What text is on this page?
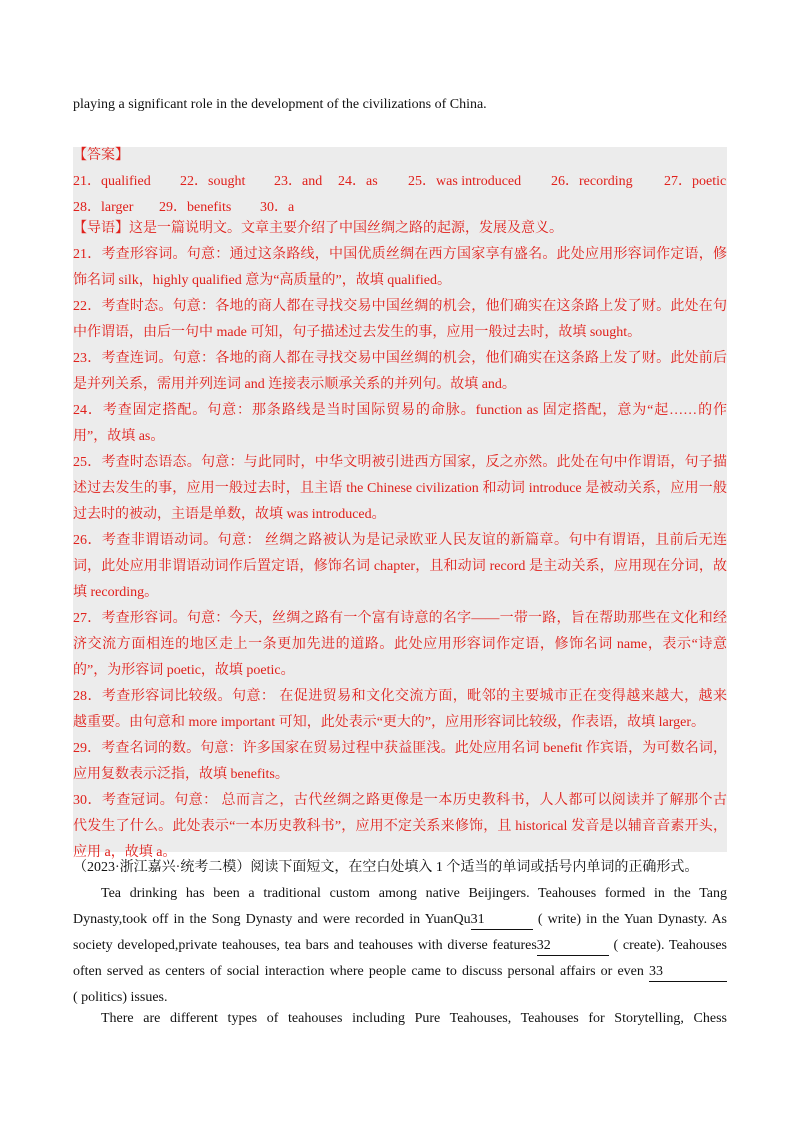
playing a significant role in the development of the civilizations of China.

【答案】

21．qualified 22．sought 23．and 24．as 25．was introduced 26．recording 27．poetic
28．larger 29．benefits 30．a

【导语】这是一篇说明文。文章主要介绍了中国丝绸之路的起源，发展及意义。

21．考查形容词。句意：通过这条路线，中国优质丝绸在西方国家享有盛名。此处应用形容词作定语，修
饰名词 silk，highly qualified 意为“高质量的”，故填 qualified。
22．考查时态。句意：各地的商人都在寻找交易中国丝绸的机会，他们确实在这条路上发了财。此处在句
中作谓语，由后一句中 made 可知，句子描述过去发生的事，应用一般过去时，故填 sought。
23．考查连词。句意：各地的商人都在寻找交易中国丝绸的机会，他们确实在这条路上发了财。此处前后
是并列关系，需用并列连词 and 连接表示顺承关系的并列句。故填 and。
24．考查固定搭配。句意：那条路线是当时国际贸易的命脉。function as 固定搭配，意为“起……的作
用”，故填 as。
25．考查时态语态。句意：与此同时，中华文明被引进西方国家，反之亦然。此处在句中作谓语，句子描
述过去发生的事，应用一般过去时，且主语 the Chinese civilization 和动词 introduce 是被动关系，应用一般
过去时的被动，主语是单数，故填 was introduced。
26．考查非谓语动词。句意： 丝绸之路被认为是记录欧亚人民友谊的新篇章。句中有谓语，且前后无连
词，此处应用非谓语动词作后置定语，修饰名词 chapter，且和动词 record 是主动关系，应用现在分词，故
填 recording。
27．考查形容词。句意：今天，丝绸之路有一个富有诗意的名字——一带一路，旨在帮助那些在文化和经
济交流方面相连的地区走上一条更加先进的道路。此处应用形容词作定语，修饰名词 name，表示“诗意
的”，为形容词 poetic，故填 poetic。
28．考查形容词比较级。句意： 在促进贸易和文化交流方面，毗邻的主要城市正在变得越来越大，越来
越重要。由句意和 more important 可知，此处表示“更大的”，应用形容词比较级，作表语，故填 larger。
29．考查名词的数。句意：许多国家在贸易过程中获益匪浅。此处应用名词 benefit 作宾语，为可数名词，
应用复数表示泛指，故填 benefits。
30．考查冠词。句意： 总而言之，古代丝绸之路更像是一本历史教科书，人人都可以阅读并了解那个古
代发生了什么。此处表示“一本历史教科书”，应用不定关系来修饰，且 historical 发音是以辅音音素开头，
应用 a，故填 a。

（2023·浙江嘉兴·统考二模）阅读下面短文，在空白处填入 1 个适当的单词或括号内单词的正确形式。

Tea drinking has been a traditional custom among native Beijingers. Teahouses formed in the Tang
Dynasty,took off in the Song Dynasty and were recorded in YuanQu31	( write) in the Yuan Dynasty. As
society developed,private teahouses, tea bars and teahouses with diverse features32	( create). Teahouses
often served as centers of social interaction where people came to discuss personal affairs or even 33
( politics) issues.
There are different types of teahouses including Pure Teahouses, Teahouses for Storytelling, Chess
